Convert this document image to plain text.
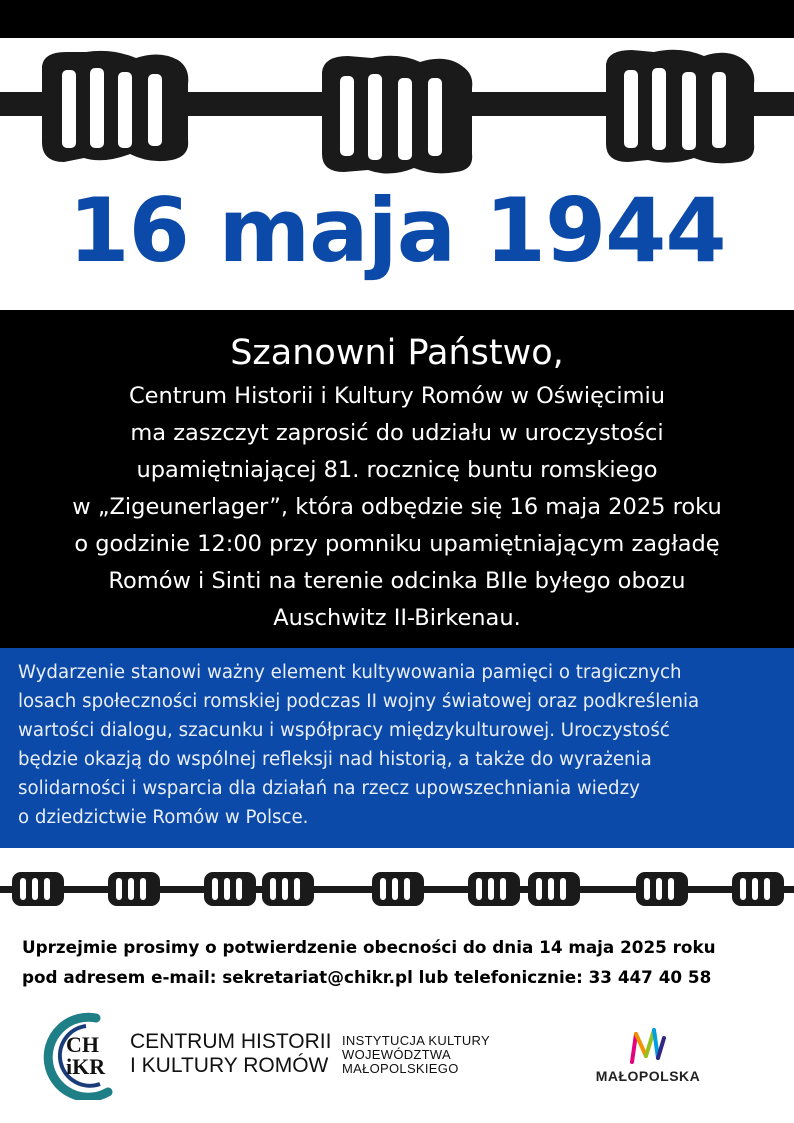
16 maja 1944

Szanowni Państwo,

Centrum Historii i Kultury Romów w Oświęcimiu

ma zaszczyt zaprosić do udziału w uroczystości

upamiętniającej 81. rocznicę buntu romskiego

w „Zigeunerlager”, która odbędzie się 16 maja 2025 roku

o godzinie 12:00 przy pomniku upamiętniającym zagładę

Romów i Sinti na terenie odcinka BIIe byłego obozu

Auschwitz II-Birkenau.

Wydarzenie stanowi ważny element kultywowania pamięci o tragicznych

losach społeczności romskiej podczas II wojny światowej oraz podkreślenia

wartości dialogu, szacunku i współpracy międzykulturowej. Uroczystość

będzie okazją do wspólnej refleksji nad historią, a także do wyrażenia

solidarności i wsparcia dla działań na rzecz upowszechniania wiedzy

o dziedzictwie Romów w Polsce.

Uprzejmie prosimy o potwierdzenie obecności do dnia 14 maja 2025 roku

pod adresem e-mail: sekretariat@chikr.pl lub telefonicznie: 33 447 40 58

CH
iKR
CENTRUM HISTORII
I KULTURY ROMÓW
INSTYTUCJA KULTURY
WOJEWÓDZTWA
MAŁOPOLSKIEGO	MAŁOPOLSKA
